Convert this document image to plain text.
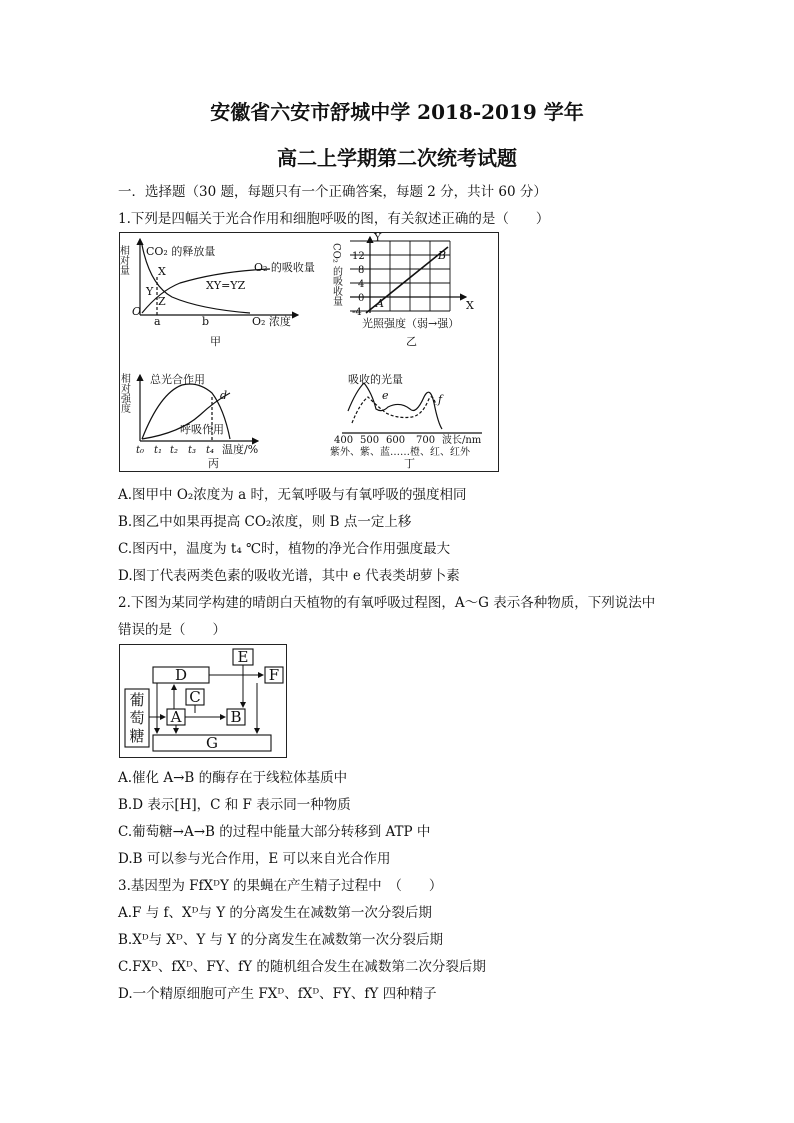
安徽省六安市舒城中学 2018-2019 学年
高二上学期第二次统考试题
一．选择题（30 题，每题只有一个正确答案，每题 2 分，共计 60 分）
1.下列是四幅关于光合作用和细胞呼吸的图，有关叙述正确的是（　　）
相对量 CO₂ 的释放量
O₂ 的吸收量
XY=YZ
X
Y
Z
O
a	b	O₂ 浓度
甲
CO₂ 的吸收量
Y
X
12
8
4
0
-4
A
B
光照强度（弱→强）
乙
相对强度 总光合作用
d
呼吸作用
t₀ t₁ t₂ t₃ t₄ 温度/%
丙
吸收的光量
e	f
400 500 600 700 波长/nm
紫外、紫、蓝……橙、红、红外
丁
A.图甲中 O₂浓度为 a 时，无氧呼吸与有氧呼吸的强度相同
B.图乙中如果再提高 CO₂浓度，则 B 点一定上移
C.图丙中，温度为 t₄ ℃时，植物的净光合作用强度最大
D.图丁代表两类色素的吸收光谱，其中 e 代表类胡萝卜素
2.下图为某同学构建的晴朗白天植物的有氧呼吸过程图，A～G 表示各种物质，下列说法中
错误的是（　　）
葡
萄
糖
D
E
F
C
A	B
G
A.催化 A→B 的酶存在于线粒体基质中
B.D 表示[H]，C 和 F 表示同一种物质
C.葡萄糖→A→B 的过程中能量大部分转移到 ATP 中
D.B 可以参与光合作用，E 可以来自光合作用
3.基因型为 FfXᴰY 的果蝇在产生精子过程中　（　　）
A.F 与 f、Xᴰ与 Y 的分离发生在减数第一次分裂后期
B.Xᴰ与 Xᴰ、Y 与 Y 的分离发生在减数第一次分裂后期
C.FXᴰ、fXᴰ、FY、fY 的随机组合发生在减数第二次分裂后期
D.一个精原细胞可产生 FXᴰ、fXᴰ、FY、fY 四种精子
